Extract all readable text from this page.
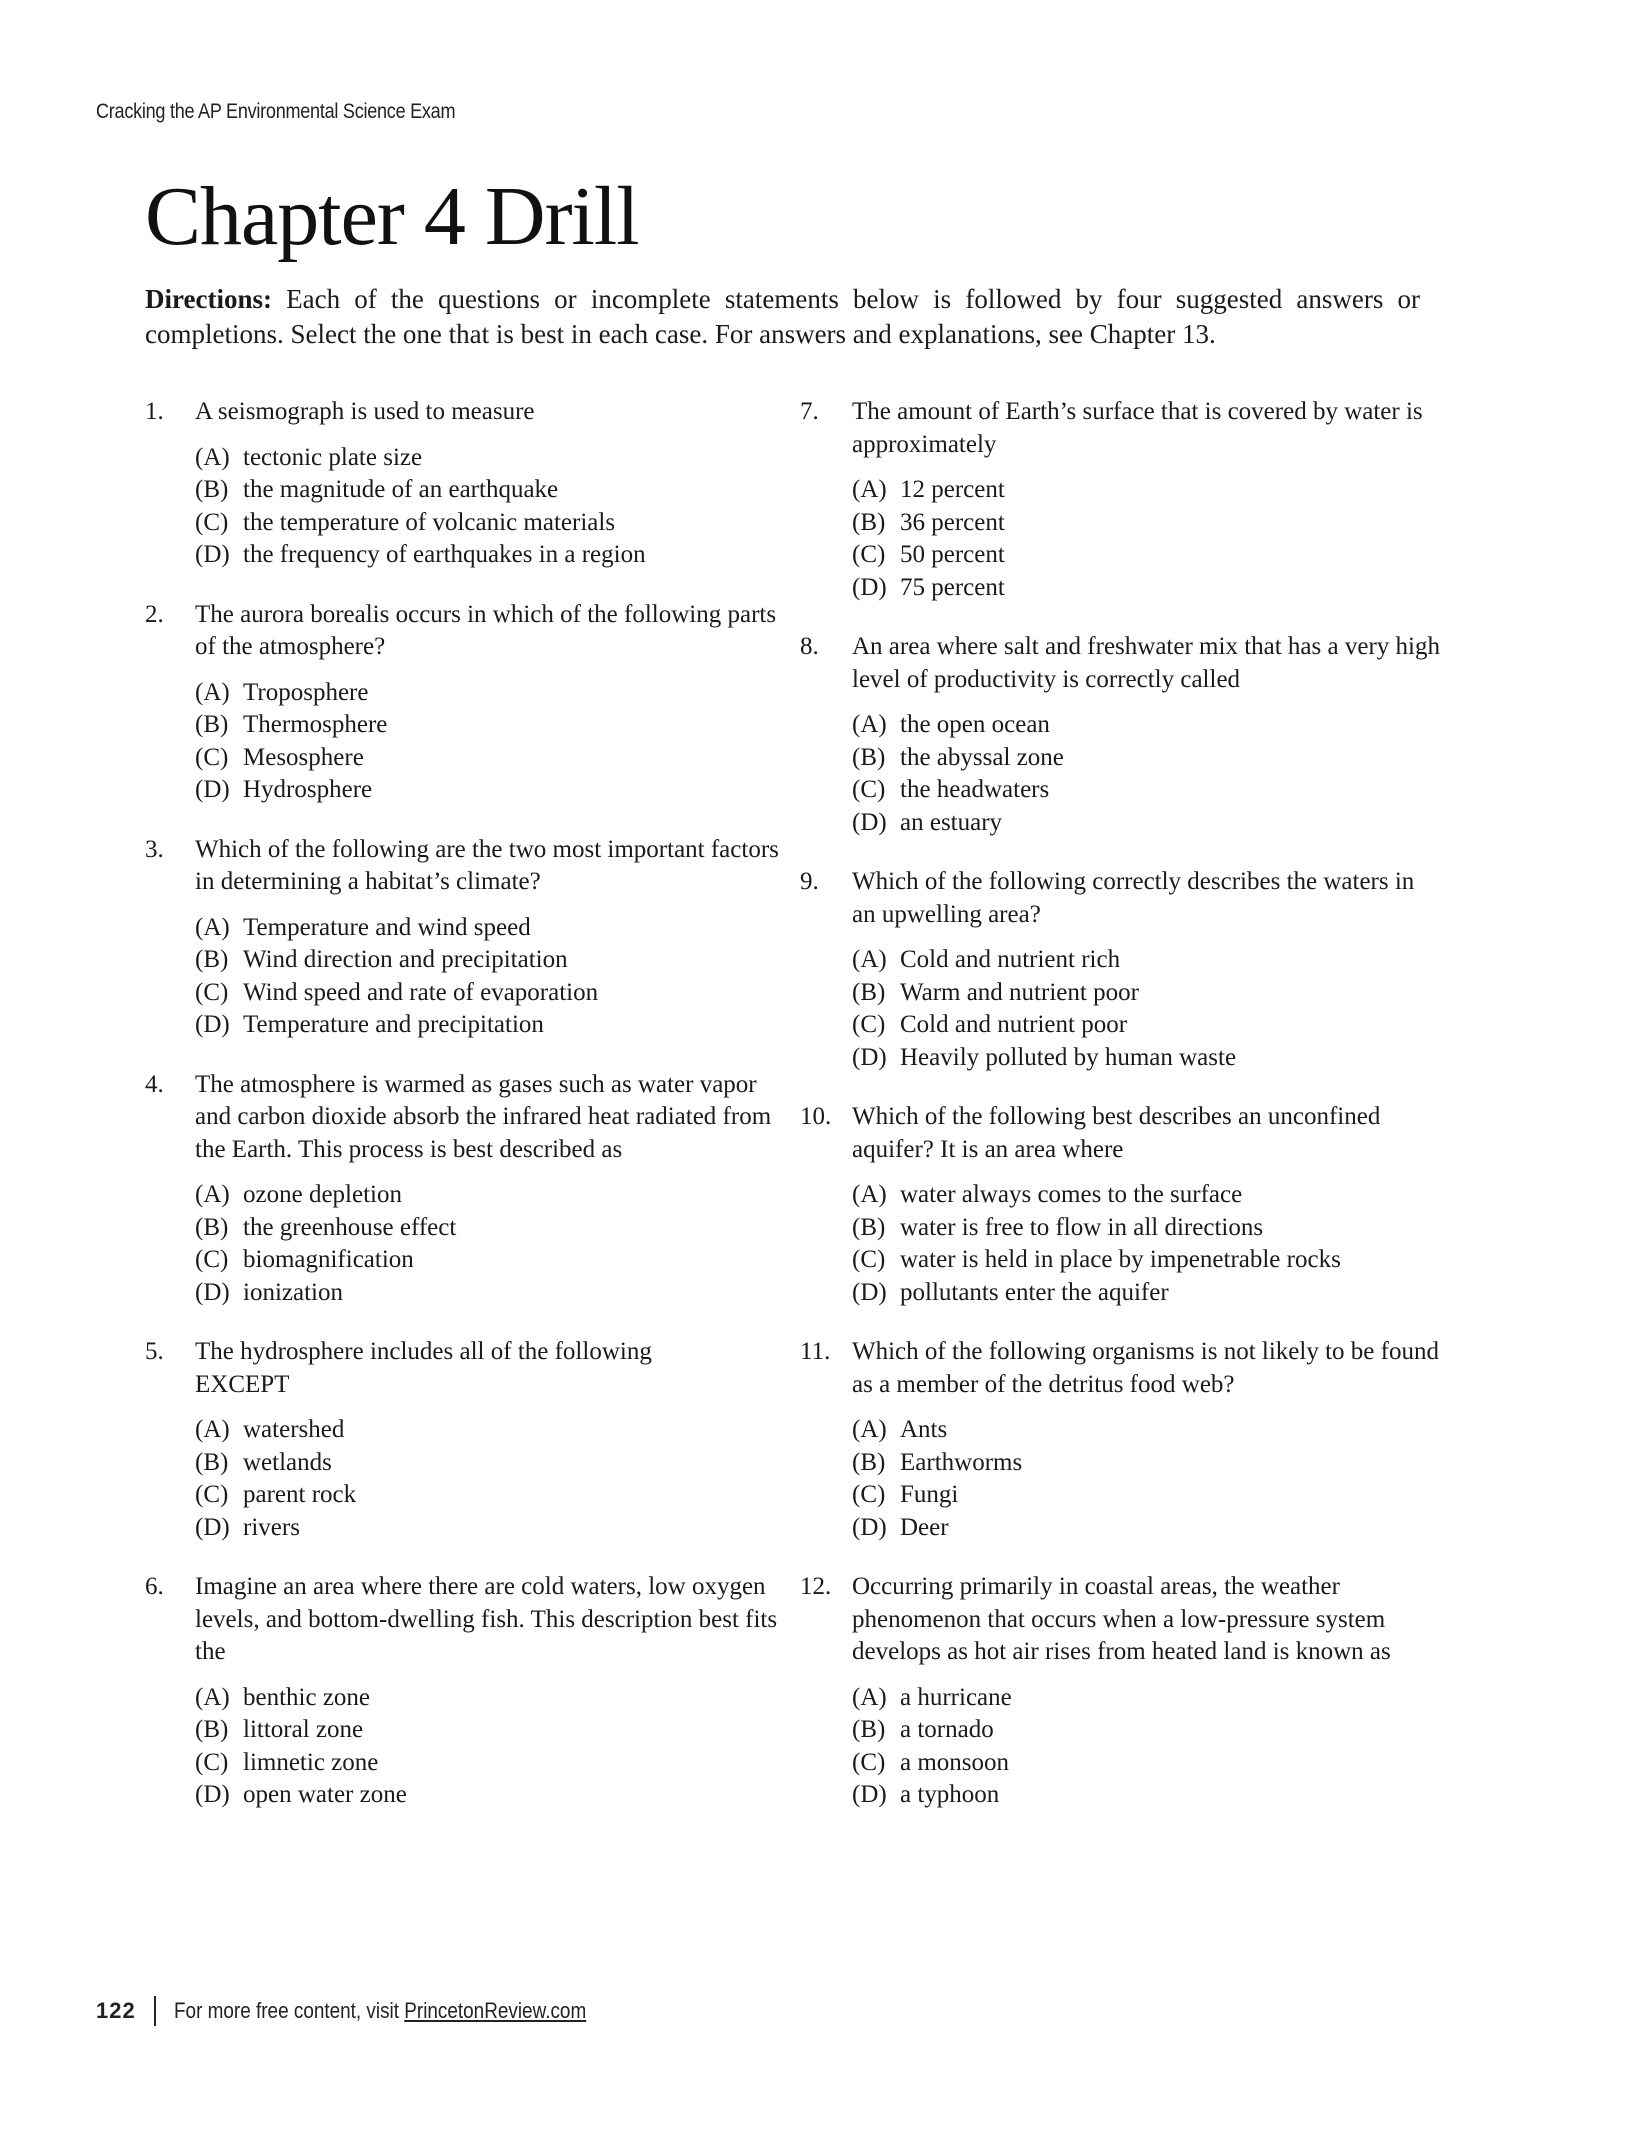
Cracking the AP Environmental Science Exam
Chapter 4 Drill
Directions: Each of the questions or incomplete statements below is followed by four suggested answers or completions. Select the one that is best in each case. For answers and explanations, see Chapter 13.
1.	A seismograph is used to measure
(A) tectonic plate size
(B) the magnitude of an earthquake
(C) the temperature of volcanic materials
(D) the frequency of earthquakes in a region
2.	The aurora borealis occurs in which of the following parts of the atmosphere?
(A) Troposphere
(B) Thermosphere
(C) Mesosphere
(D) Hydrosphere
3.	Which of the following are the two most important factors in determining a habitat’s climate?
(A) Temperature and wind speed
(B) Wind direction and precipitation
(C) Wind speed and rate of evaporation
(D) Temperature and precipitation
4.	The atmosphere is warmed as gases such as water vapor and carbon dioxide absorb the infrared heat radiated from the Earth. This process is best described as
(A) ozone depletion
(B) the greenhouse effect
(C) biomagnification
(D) ionization
5.	The hydrosphere includes all of the following EXCEPT
(A) watershed
(B) wetlands
(C) parent rock
(D) rivers
6.	Imagine an area where there are cold waters, low oxygen levels, and bottom-dwelling fish. This description best fits the
(A) benthic zone
(B) littoral zone
(C) limnetic zone
(D) open water zone
7.	The amount of Earth’s surface that is covered by water is approximately
(A) 12 percent
(B) 36 percent
(C) 50 percent
(D) 75 percent
8.	An area where salt and freshwater mix that has a very high level of productivity is correctly called
(A) the open ocean
(B) the abyssal zone
(C) the headwaters
(D) an estuary
9.	Which of the following correctly describes the waters in an upwelling area?
(A) Cold and nutrient rich
(B) Warm and nutrient poor
(C) Cold and nutrient poor
(D) Heavily polluted by human waste
10. Which of the following best describes an unconfined aquifer? It is an area where
(A) water always comes to the surface
(B) water is free to flow in all directions
(C) water is held in place by impenetrable rocks
(D) pollutants enter the aquifer
11. Which of the following organisms is not likely to be found as a member of the detritus food web?
(A) Ants
(B) Earthworms
(C) Fungi
(D) Deer
12. Occurring primarily in coastal areas, the weather phenomenon that occurs when a low-pressure system develops as hot air rises from heated land is known as
(A) a hurricane
(B) a tornado
(C) a monsoon
(D) a typhoon
122 For more free content, visit PrincetonReview.com
